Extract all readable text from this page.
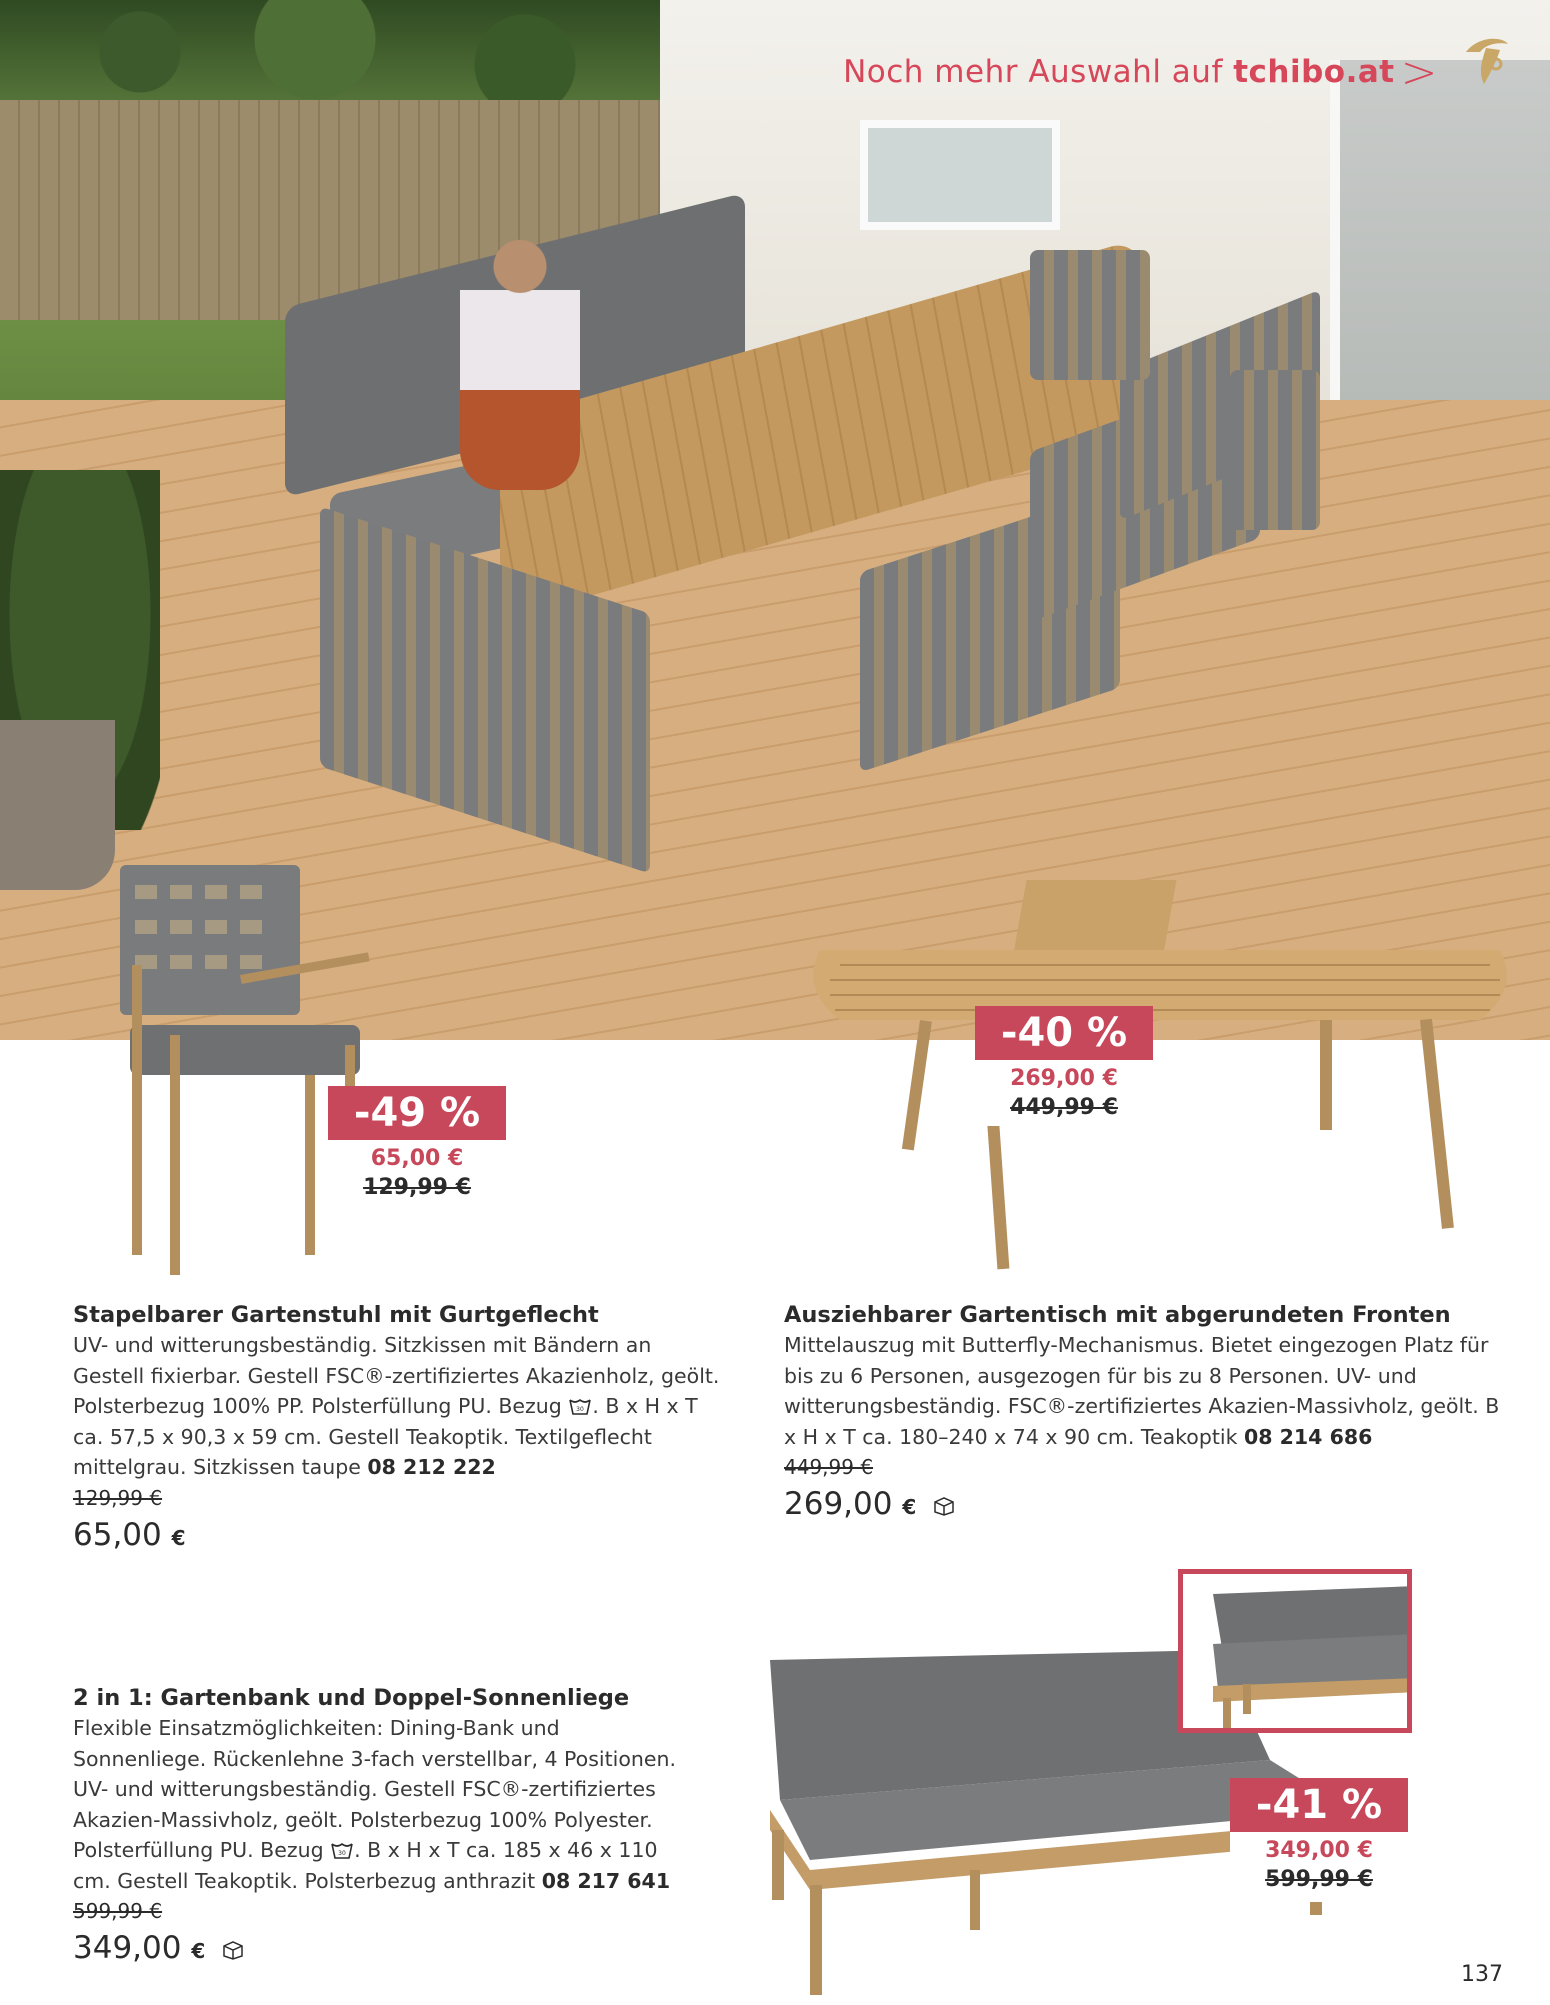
Noch mehr Auswahl auf tchibo.at >
-49 %
65,00 €
129,99 €
-40 %
269,00 €
449,99 €
-41 %
349,00 €
599,99 €
Stapelbarer Gartenstuhl mit Gurtgeflecht

UV- und witterungsbeständig. Sitzkissen mit Bändern an Gestell fixierbar. Gestell FSC®-zertifiziertes Akazienholz, geölt. Polsterbezug 100% PP. Polsterfüllung PU. Bezug 30 . B x H x T ca. 57,5 x 90,3 x 59 cm. Gestell Teakoptik. Textilgeflecht mittelgrau. Sitzkissen taupe 08 212 222

129,99 €
65,00 €
Ausziehbarer Gartentisch mit abgerundeten Fronten

Mittelauszug mit Butterfly-Mechanismus. Bietet eingezogen Platz für bis zu 6 Personen, ausgezogen für bis zu 8 Personen. UV- und witterungsbeständig. FSC®-zertifiziertes Akazien-Massivholz, geölt. B x H x T ca. 180–240 x 74 x 90 cm. Teakoptik 08 214 686

449,99 €
269,00 €
2 in 1: Gartenbank und Doppel-Sonnenliege

Flexible Einsatzmöglichkeiten: Dining-Bank und Sonnenliege. Rückenlehne 3-fach verstellbar, 4 Positionen. UV- und witterungsbeständig. Gestell FSC®-zertifiziertes Akazien-Massivholz, geölt. Polsterbezug 100% Polyester. Polsterfüllung PU. Bezug 30 . B x H x T ca. 185 x 46 x 110 cm. Gestell Teakoptik. Polsterbezug anthrazit 08 217 641

599,99 €
349,00 €
137
